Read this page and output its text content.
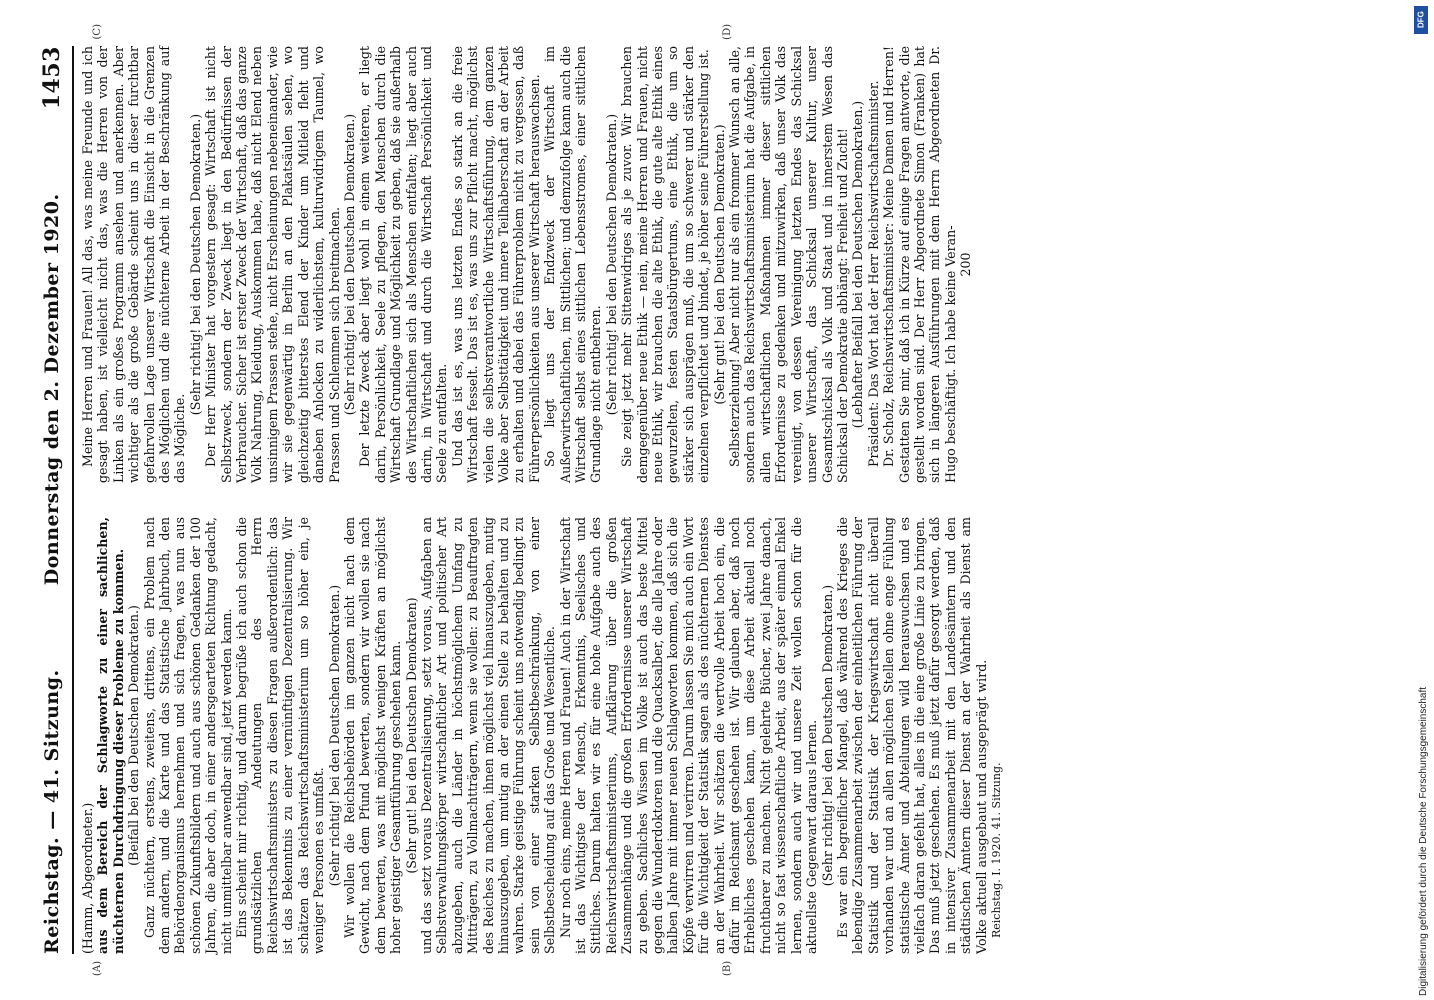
Reichstag. — 41. Sitzung.
Donnerstag den 2. Dezember 1920.
1453
(A)	(B)

(Hamm, Abgeordneter.) aus dem Bereich der Schlagworte zu einer sachlichen, nüchternen Durchdringung dieser Probleme zu kommen. (Beifall bei den Deutschen Demokraten.) Ganz nüchtern, erstens, zweitens, drittens, ein Problem nach dem andern, und die Karte und das Statistische Jahrbuch, den Behördenorganismus hernehmen und sich fragen, was nun aus schönen Zukunftsbildern und auch aus schönen Gedanken der 100 Jahren, die aber doch, in einer andersgearteten Richtung gedacht, nicht unmittelbar anwendbar sind, jetzt werden kann. Eins scheint mir richtig, und darum begrüße ich auch schon die grundsätzlichen Andeutungen des Herrn Reichswirtschaftsministers zu diesen Fragen außerordentlich: das ist das Bekenntnis zu einer vernünftigen Dezentralisierung. Wir schätzen das Reichswirtschaftsministerium um so höher ein, je weniger Personen es umfaßt. (Sehr richtig! bei den Deutschen Demokraten.) Wir wollen die Reichsbehörden im ganzen nicht nach dem Gewicht, nach dem Pfund bewerten, sondern wir wollen sie nach dem bewerten, was mit möglichst wenigen Kräften an möglichst hoher geistiger Gesamtführung geschehen kann. (Sehr gut! bei den Deutschen Demokraten) und das setzt voraus Dezentralisierung, setzt voraus, Aufgaben an Selbstverwaltungskörper wirtschaftlicher Art und politischer Art abzugeben, auch die Länder in höchstmöglichem Umfang zu Mitträgern, zu Vollmachtträgern, wenn sie wollen: zu Beauftragten des Reiches zu machen, ihnen möglichst viel hinauszugeben, mutig hinauszugeben, um mutig an der einen Stelle zu behalten und zu wahren. Starke geistige Führung scheint uns notwendig bedingt zu sein von einer starken Selbstbeschränkung, von einer Selbstbescheidung auf das Große und Wesentliche. Nur noch eins, meine Herren und Frauen! Auch in der Wirtschaft ist das Wichtigste der Mensch, Erkenntnis, Seelisches und Sittliches. Darum halten wir es für eine hohe Aufgabe auch des Reichswirtschaftsministeriums, Aufklärung über die großen Zusammenhänge und die großen Erfordernisse unserer Wirtschaft zu geben. Sachliches Wissen im Volke ist auch das beste Mittel gegen die Wunderdoktoren und die Quacksalber, die alle Jahre oder halben Jahre mit immer neuen Schlagworten kommen, daß sich die Köpfe verwirren und verirren. Darum lassen Sie mich auch ein Wort für die Wichtigkeit der Statistik sagen als des nüchternen Dienstes an der Wahrheit. Wir schätzen die wertvolle Arbeit hoch ein, die dafür im Reichsamt geschehen ist. Wir glauben aber, daß noch Erhebliches geschehen kann, um diese Arbeit aktuell noch fruchtbarer zu machen. Nicht gelehrte Bücher, zwei Jahre danach, nicht so fast wissenschaftliche Arbeit, aus der später einmal Enkel lernen, sondern auch wir und unsere Zeit wollen schon für die aktuellste Gegenwart daraus lernen. (Sehr richtig! bei den Deutschen Demokraten.) Es war ein begreiflicher Mangel, daß während des Krieges die lebendige Zusammenarbeit zwischen der einheitlichen Führung der Statistik und der Statistik der Kriegswirtschaft nicht überall vorhanden war und an allen möglichen Stellen ohne enge Fühlung statistische Ämter und Abteilungen wild herauswuchsen und es vielfach daran gefehlt hat, alles in die eine große Linie zu bringen. Das muß jetzt geschehen. Es muß jetzt dafür gesorgt werden, daß in intensiver Zusammenarbeit mit den Landesämtern und den städtischen Ämtern dieser Dienst an der Wahrheit als Dienst am Volke aktuell ausgebaut und ausgeprägt wird. Reichstag. I. 1920. 41. Sitzung.

(C)	(D)

Meine Herren und Frauen! All das, was meine Freunde und ich gesagt haben, ist vielleicht nicht das, was die Herren von der Linken als ein großes Programm ansehen und anerkennen. Aber wichtiger als die große Gebärde scheint uns in dieser furchtbar gefahrvollen Lage unserer Wirtschaft die Einsicht in die Grenzen des Möglichen und die nüchterne Arbeit in der Beschränkung auf das Mögliche.

(Sehr richtig! bei den Deutschen Demokraten.) Der Herr Minister hat vorgestern gesagt: Wirtschaft ist nicht Selbstzweck, sondern der Zweck liegt in den Bedürfnissen der Verbraucher. Sicher ist erster Zweck der Wirtschaft, daß das ganze Volk Nahrung, Kleidung, Auskommen habe, daß nicht Elend neben unsinnigem Prassen stehe, nicht Erscheinungen nebeneinander, wie wir sie gegenwärtig in Berlin an den Plakatsäulen sehen, wo gleichzeitig bitterstes Elend der Kinder um Mitleid fleht und daneben Anlocken zu widerlichstem, kulturwidrigem Taumel, wo Prassen und Schlemmen sich breitmachen. (Sehr richtig! bei den Deutschen Demokraten.) Der letzte Zweck aber liegt wohl in einem weiteren, er liegt darin, Persönlichkeit, Seele zu pflegen, den Menschen durch die Wirtschaft Grundlage und Möglichkeit zu geben, daß sie außerhalb des Wirtschaftlichen sich als Menschen entfalten; liegt aber auch darin, in Wirtschaft und durch die Wirtschaft Persönlichkeit und Seele zu entfalten. Und das ist es, was uns letzten Endes so stark an die freie Wirtschaft fesselt. Das ist es, was uns zur Pflicht macht, möglichst vielen die selbstverantwortliche Wirtschaftsführung, dem ganzen Volke aber Selbsttätigkeit und innere Teilhaberschaft an der Arbeit zu erhalten und dabei das Führerproblem nicht zu vergessen, daß Führerpersönlichkeiten aus unserer Wirtschaft herauswachsen. So liegt uns der Endzweck der Wirtschaft im Außerwirtschaftlichen, im Sittlichen; und demzufolge kann auch die Wirtschaft selbst eines sittlichen Lebensstromes, einer sittlichen Grundlage nicht entbehren. (Sehr richtig! bei den Deutschen Demokraten.) Sie zeigt jetzt mehr Sittenwidriges als je zuvor. Wir brauchen demgegenüber neue Ethik — nein, meine Herren und Frauen, nicht neue Ethik, wir brauchen die alte Ethik, die gute alte Ethik eines gewurzelten, festen Staatsbürgertums, eine Ethik, die um so stärker sich ausprägen muß, die um so schwerer und stärker den einzelnen verpflichtet und bindet, je höher seine Führerstellung ist. (Sehr gut! bei den Deutschen Demokraten.) Selbsterziehung! Aber nicht nur als ein frommer Wunsch an alle, sondern auch das Reichswirtschaftsministerium hat die Aufgabe, in allen wirtschaftlichen Maßnahmen immer dieser sittlichen Erfordernisse zu gedenken und mitzuwirken, daß unser Volk das vereinigt, von dessen Vereinigung letzten Endes das Schicksal unserer Wirtschaft, das Schicksal unserer Kultur, unser Gesamtschicksal als Volk und Staat und in innerstem Wesen das Schicksal der Demokratie abhängt: Freiheit und Zucht! (Lebhafter Beifall bei den Deutschen Demokraten.) Präsident: Das Wort hat der Herr Reichswirtschaftsminister. Dr. Scholz, Reichswirtschaftsminister: Meine Damen und Herren! Gestatten Sie mir, daß ich in Kürze auf einige Fragen antworte, die gestellt worden sind. Der Herr Abgeordnete Simon (Franken) hat sich in längeren Ausführungen mit dem Herrn Abgeordneten Dr. Hugo beschäftigt. Ich habe keine Veran- 200

Digitalisierung gefördert durch die Deutsche Forschungsgemeinschaft
DFG
